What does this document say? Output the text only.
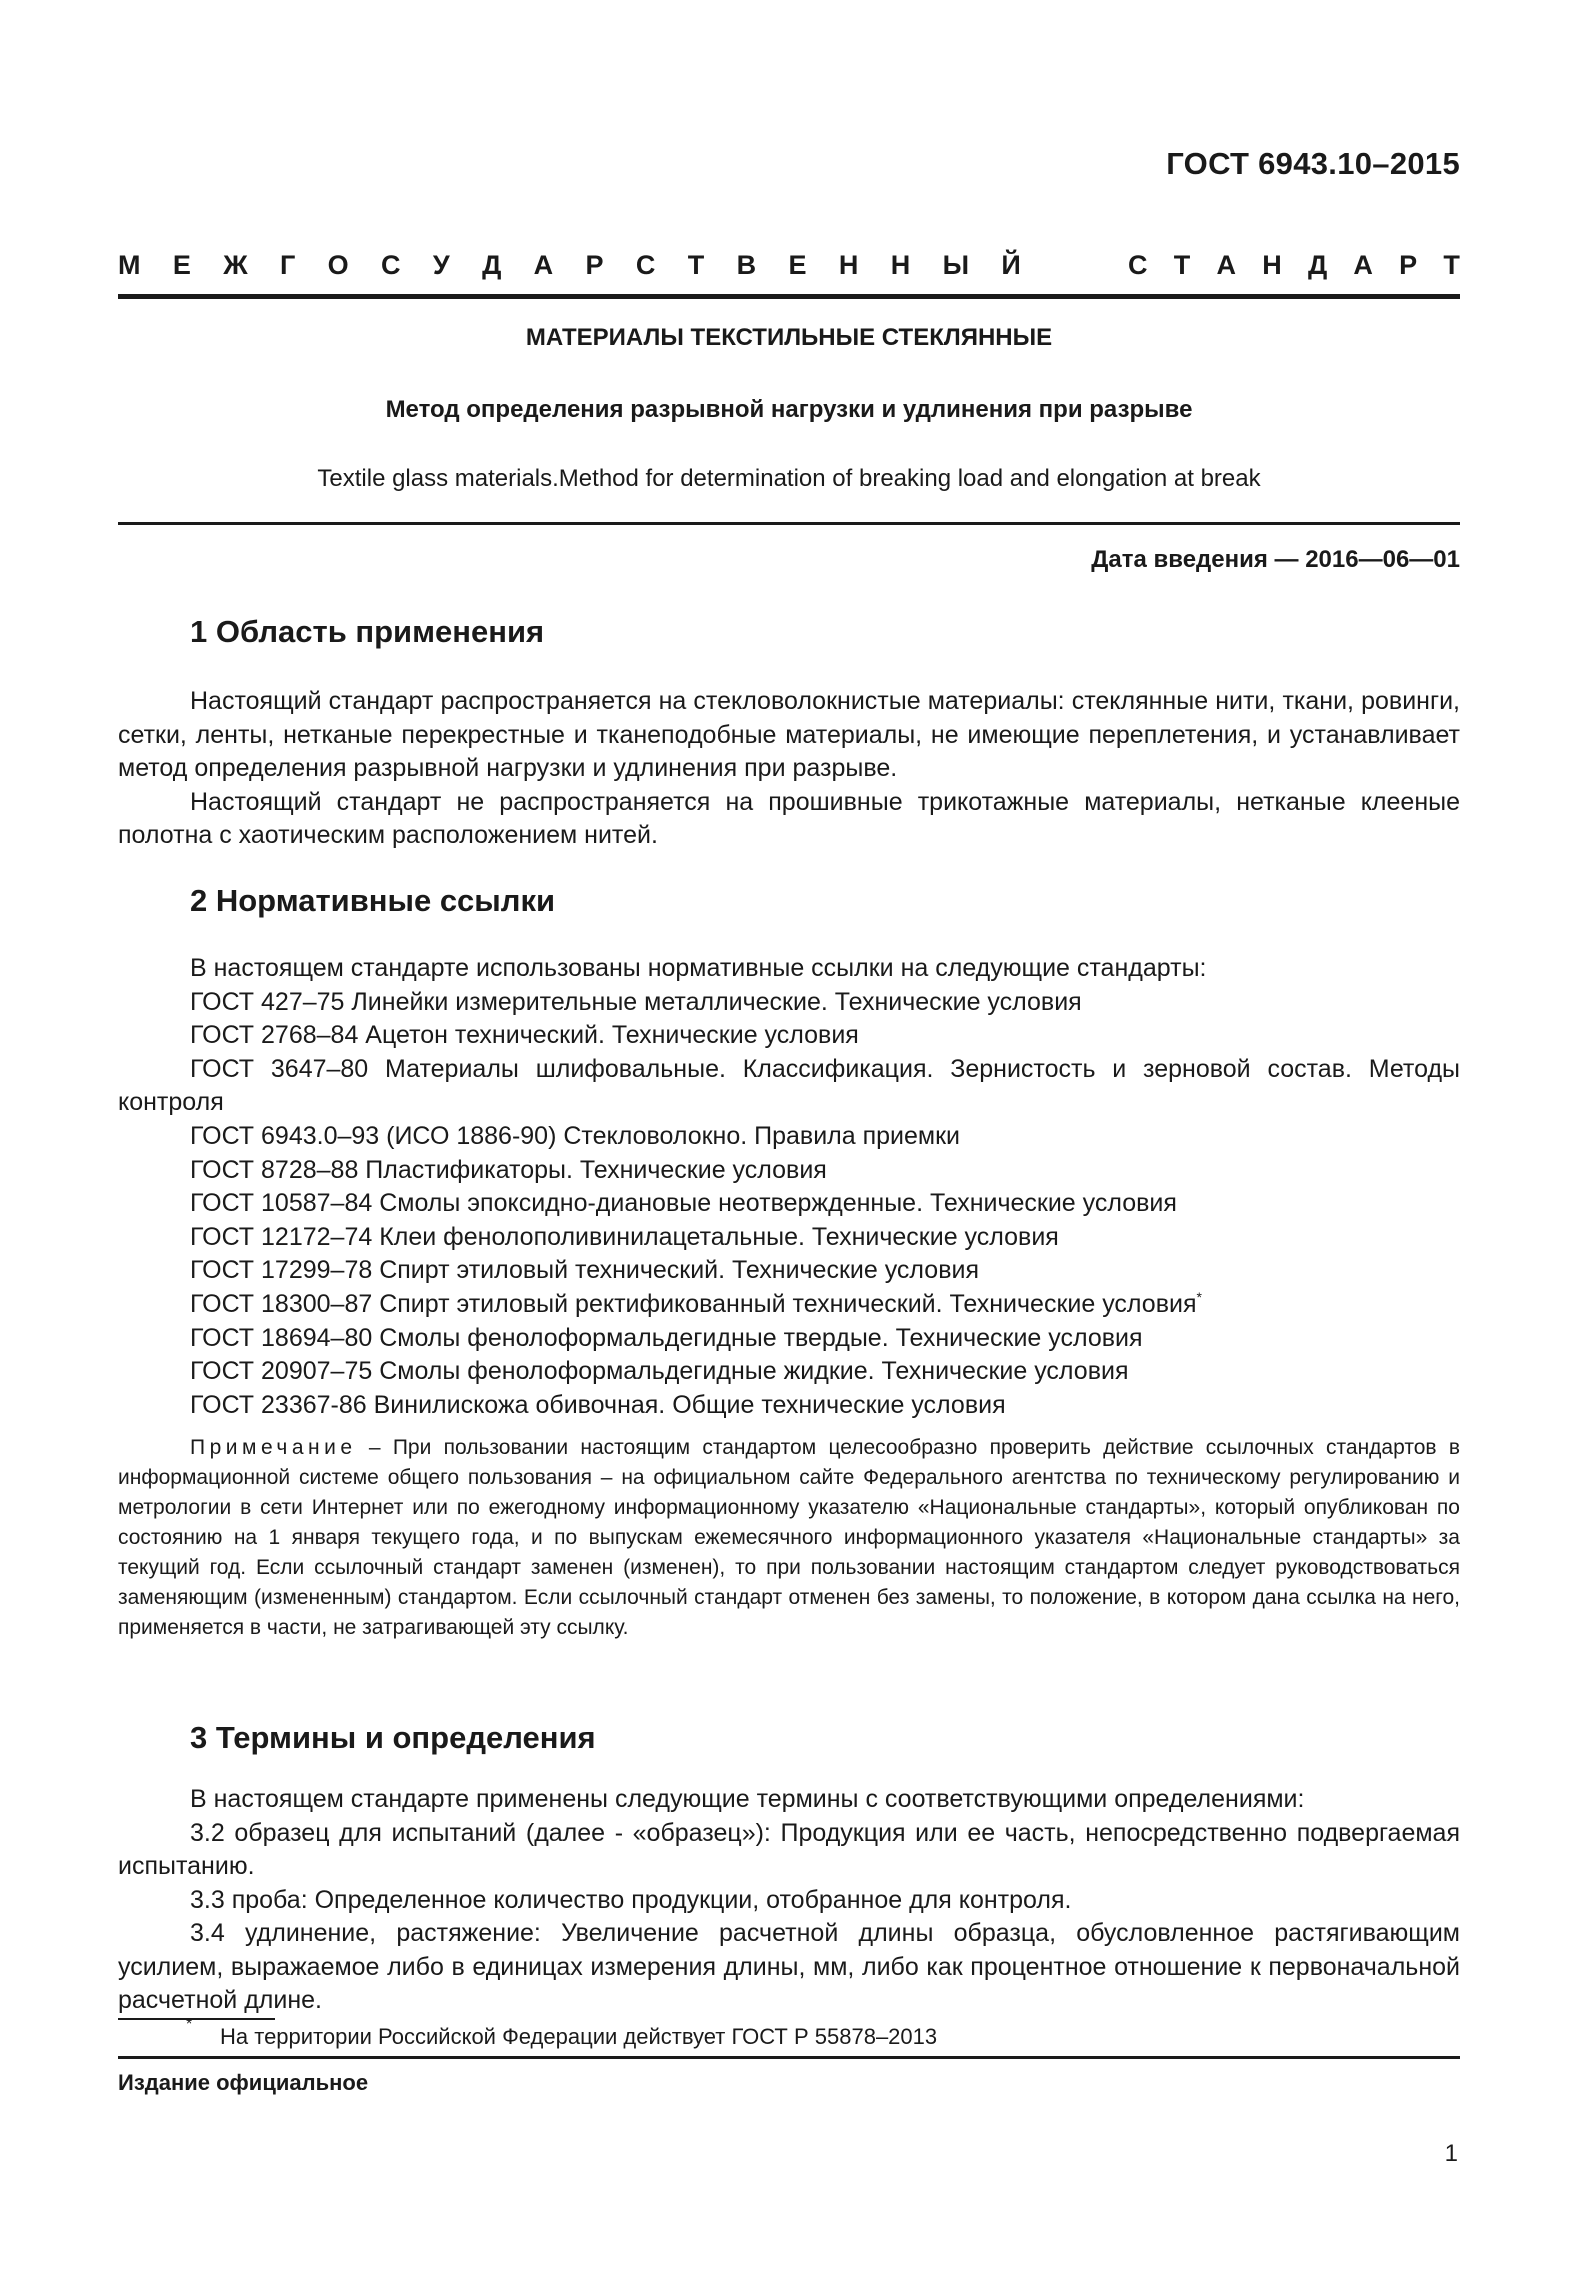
ГОСТ 6943.10–2015
М Е Ж Г О С У Д А Р С Т В Е Н Н Ы Й	С Т А Н Д А Р Т
МАТЕРИАЛЫ ТЕКСТИЛЬНЫЕ СТЕКЛЯННЫЕ
Метод определения разрывной нагрузки и удлинения при разрыве
Textile glass materials.Method for determination of breaking load and elongation at break
Дата введения — 2016—06—01
1 Область применения

Настоящий стандарт распространяется на стекловолокнистые материалы: стеклянные нити, ткани, ровинги, сетки, ленты, нетканые перекрестные и тканеподобные материалы, не имеющие переплетения, и устанавливает метод определения разрывной нагрузки и удлинения при разрыве.

Настоящий стандарт не распространяется на прошивные трикотажные материалы, нетканые клееные полотна с хаотическим расположением нитей.

2 Нормативные ссылки
В настоящем стандарте использованы нормативные ссылки на следующие стандарты:
ГОСТ 427–75 Линейки измерительные металлические. Технические условия
ГОСТ 2768–84 Ацетон технический. Технические условия
ГОСТ 3647–80 Материалы шлифовальные. Классификация. Зернистость и зерновой состав. Методы контроля
ГОСТ 6943.0–93 (ИСО 1886-90) Стекловолокно. Правила приемки
ГОСТ 8728–88 Пластификаторы. Технические условия
ГОСТ 10587–84 Смолы эпоксидно-диановые неотвержденные. Технические условия
ГОСТ 12172–74 Клеи фенолополивинилацетальные. Технические условия
ГОСТ 17299–78 Спирт этиловый технический. Технические условия
ГОСТ 18300–87 Спирт этиловый ректификованный технический. Технические условия*
ГОСТ 18694–80 Смолы фенолоформальдегидные твердые. Технические условия
ГОСТ 20907–75 Смолы фенолоформальдегидные жидкие. Технические условия
ГОСТ 23367-86 Винилискожа обивочная. Общие технические условия
Примечание – При пользовании настоящим стандартом целесообразно проверить действие ссылочных стандартов в информационной системе общего пользования – на официальном сайте Федерального агентства по техническому регулированию и метрологии в сети Интернет или по ежегодному информационному указателю «Национальные стандарты», который опубликован по состоянию на 1 января текущего года, и по выпускам ежемесячного информационного указателя «Национальные стандарты» за текущий год. Если ссылочный стандарт заменен (изменен), то при пользовании настоящим стандартом следует руководствоваться заменяющим (измененным) стандартом. Если ссылочный стандарт отменен без замены, то положение, в котором дана ссылка на него, применяется в части, не затрагивающей эту ссылку.
3 Термины и определения

В настоящем стандарте применены следующие термины с соответствующими определениями:

3.2 образец для испытаний (далее - «образец»): Продукция или ее часть, непосредственно подвергаемая испытанию.

3.3 проба: Определенное количество продукции, отобранное для контроля.

3.4 удлинение, растяжение: Увеличение расчетной длины образца, обусловленное растягивающим усилием, выражаемое либо в единицах измерения длины, мм, либо как процентное отношение к первоначальной расчетной длине.

* На территории Российской Федерации действует ГОСТ Р 55878–2013
Издание официальное
1
